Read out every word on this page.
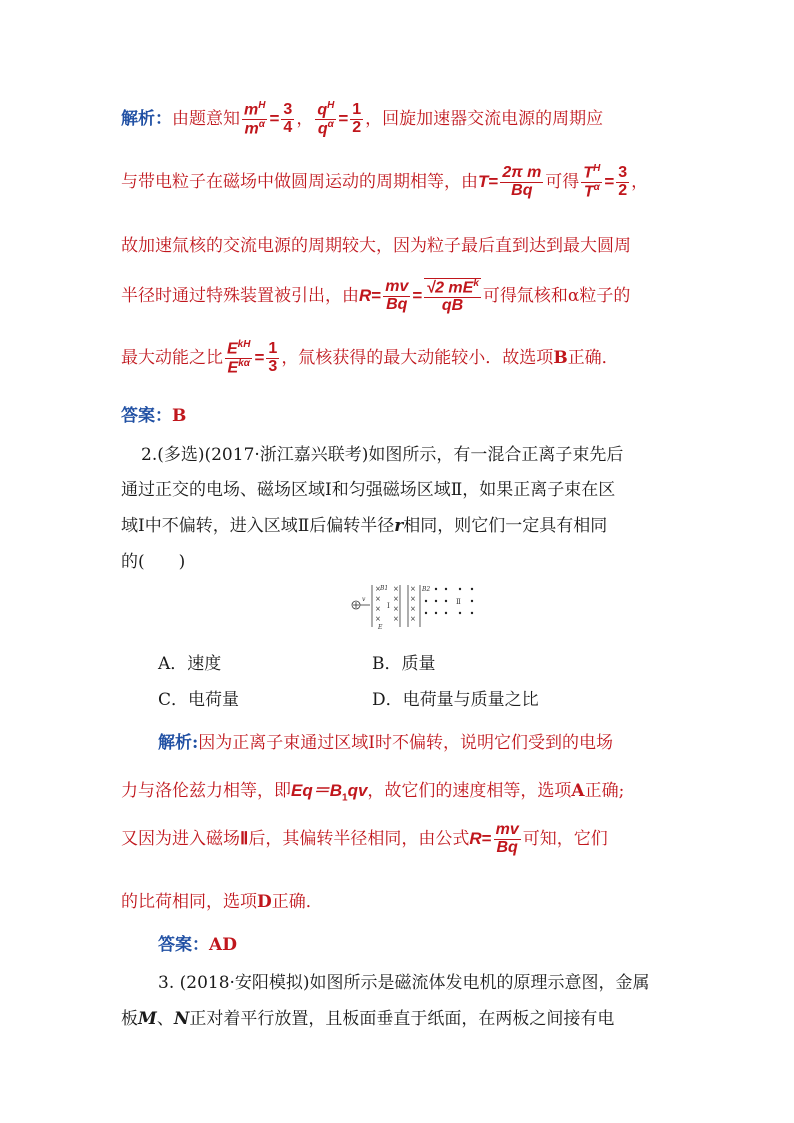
解析：由题意知 $\frac{m^H}{m^\alpha} = \frac{3}{4}$ ， $\frac{q^H}{q^\alpha} = \frac{1}{2}$ ，回旋加速器交流电源的周期应
与带电粒子在磁场中做圆周运动的周期相等，由$T= \frac{\text{2π m}}{Bq}$ 可得 $\frac{T^H}{T^\alpha} = \frac{3}{2}$ ，
故加速氚核的交流电源的周期较大，因为粒子最后直到达到最大圆周
半径时通过特殊装置被引出，由$R= \frac{mv}{Bq} = \frac{√2 mE^k}{qB}$ 可得氚核和α粒子的
最大动能之比 $\frac{E^{kH}}{E^{k\alpha}} = \frac{1}{3}$ ，氚核获得的最大动能较小．故选项B正确．
答案：B
2.(多选)(2017·浙江嘉兴联考)如图所示，有一混合正离子束先后
通过正交的电场、磁场区域Ⅰ和匀强磁场区域Ⅱ，如果正离子束在区
域Ⅰ中不偏转，进入区域Ⅱ后偏转半径r相同，则它们一定具有相同
的(　　)
v
×
×
×
×
×
×
×
×
×
×
×
×
B1
Ⅰ
E
B2
Ⅱ
A．速度	B．质量
C．电荷量	D．电荷量与质量之比
解析:因为正离子束通过区域Ⅰ时不偏转，说明它们受到的电场
力与洛伦兹力相等，即$Eq=B_1qv$，故它们的速度相等，选项A正确;
又因为进入磁场Ⅱ后，其偏转半径相同，由公式$R= \frac{mv}{Bq}$ 可知，它们
的比荷相同，选项D正确．
答案：AD
3. (2018·安阳模拟)如图所示是磁流体发电机的原理示意图，金属
板M、N正对着平行放置，且板面垂直于纸面，在两板之间接有电
